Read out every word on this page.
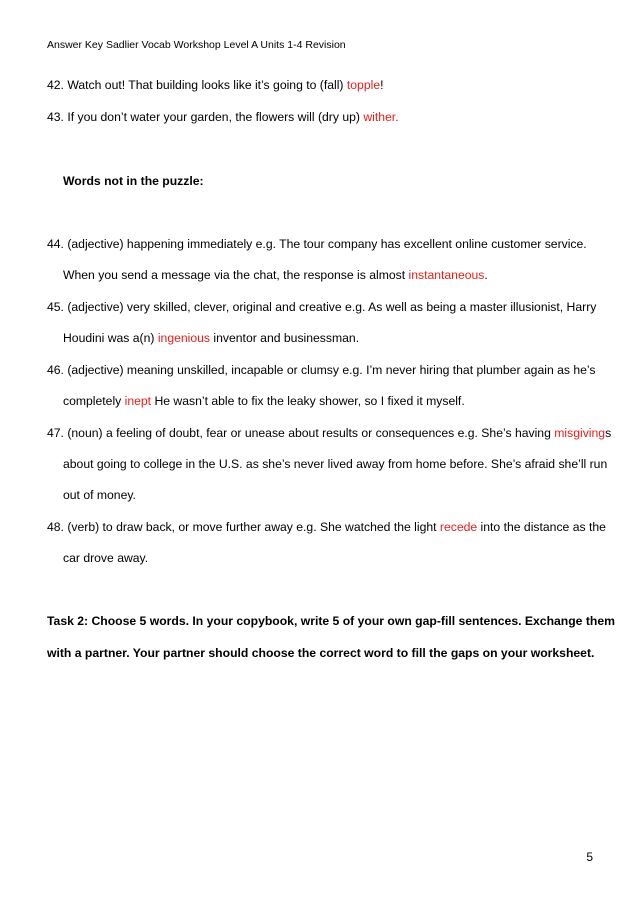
Answer Key Sadlier Vocab Workshop Level A Units 1-4 Revision
42. Watch out! That building looks like it’s going to (fall) topple!
43. If you don’t water your garden, the flowers will (dry up) wither.
Words not in the puzzle:
44. (adjective) happening immediately e.g. The tour company has excellent online customer service.
When you send a message via the chat, the response is almost instantaneous.
45. (adjective) very skilled, clever, original and creative e.g. As well as being a master illusionist, Harry
Houdini was a(n) ingenious inventor and businessman.
46. (adjective) meaning unskilled, incapable or clumsy e.g. I’m never hiring that plumber again as he’s
completely inept He wasn’t able to fix the leaky shower, so I fixed it myself.
47. (noun) a feeling of doubt, fear or unease about results or consequences e.g. She’s having misgivings
about going to college in the U.S. as she’s never lived away from home before. She’s afraid she’ll run
out of money.
48. (verb) to draw back, or move further away e.g. She watched the light recede into the distance as the
car drove away.
Task 2: Choose 5 words. In your copybook, write 5 of your own gap-fill sentences. Exchange them
with a partner. Your partner should choose the correct word to fill the gaps on your worksheet.
5
